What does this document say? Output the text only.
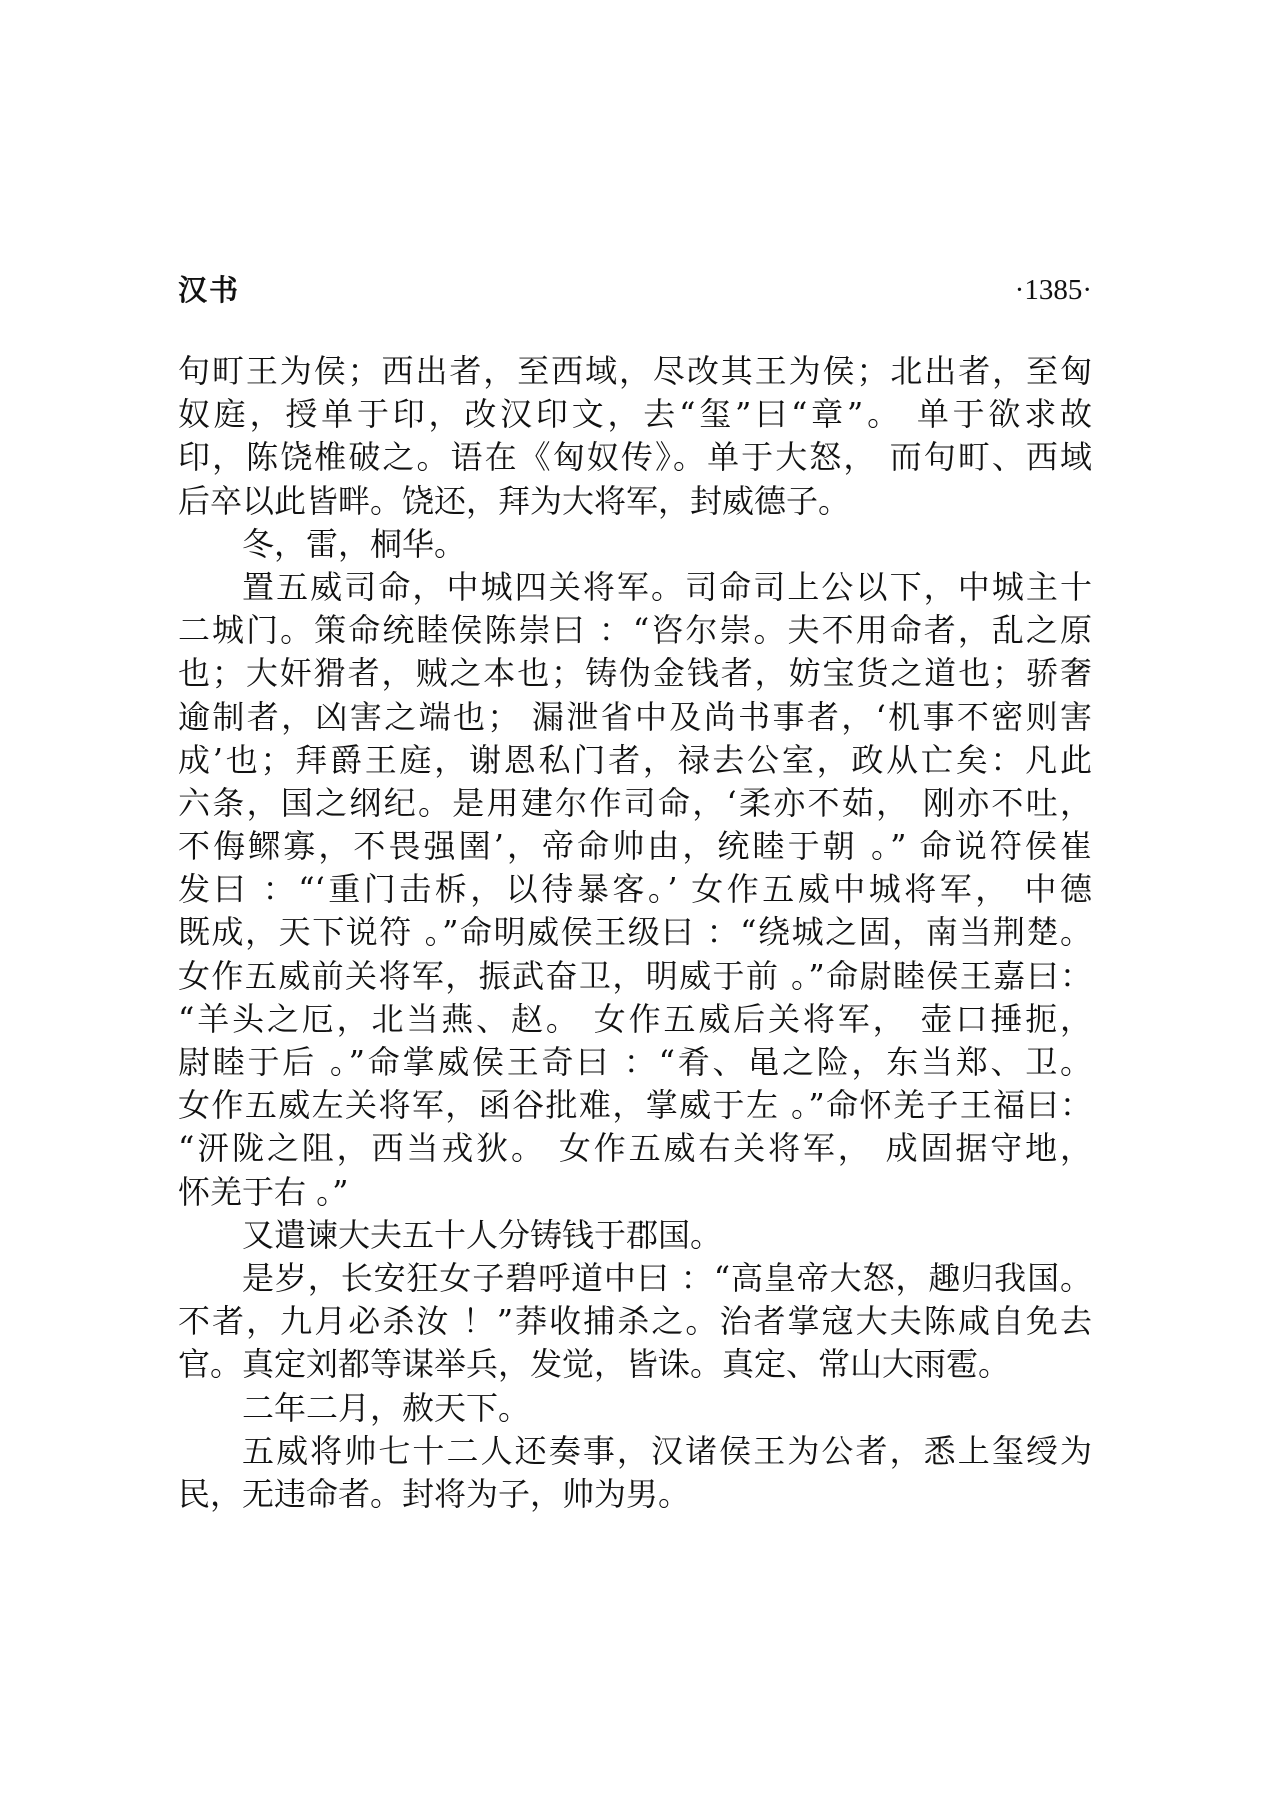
汉书	·1385·
句町王为侯；西出者，至西域，尽改其王为侯；北出者，至匈
奴庭，授单于印，改汉印文，去“玺”曰“章”。 单于欲求故
印，陈饶椎破之。语在《匈奴传》。单于大怒， 而句町、西域
后卒以此皆畔。饶还，拜为大将军，封威德子。
冬，雷，桐华。
置五威司命，中城四关将军。司命司上公以下，中城主十
二城门。策命统睦侯陈崇曰 ：“咨尔崇。夫不用命者，乱之原
也；大奸猾者，贼之本也；铸伪金钱者，妨宝货之道也；骄奢
逾制者，凶害之端也； 漏泄省中及尚书事者，‘机事不密则害
成’也；拜爵王庭，谢恩私门者，禄去公室，政从亡矣：凡此
六条，国之纲纪。是用建尔作司命，‘柔亦不茹， 刚亦不吐，
不侮鳏寡，不畏强圉’，帝命帅由，统睦于朝 。” 命说符侯崔
发曰 ：“‘重门击柝，以待暴客。’ 女作五威中城将军， 中德
既成，天下说符 。”命明威侯王级曰 ：“绕城之固，南当荆楚。
女作五威前关将军，振武奋卫，明威于前 。”命尉睦侯王嘉曰：
“羊头之厄，北当燕、赵。 女作五威后关将军， 壶口捶扼，
尉睦于后 。”命掌威侯王奇曰 ：“肴、黾之险，东当郑、卫。
女作五威左关将军，函谷批难，掌威于左 。”命怀羌子王福曰：
“汧陇之阻，西当戎狄。 女作五威右关将军， 成固据守地，
怀羌于右 。”
又遣谏大夫五十人分铸钱于郡国。
是岁，长安狂女子碧呼道中曰 ：“高皇帝大怒，趣归我国。
不者，九月必杀汝 ！”莽收捕杀之。治者掌寇大夫陈咸自免去
官。真定刘都等谋举兵，发觉，皆诛。真定、常山大雨雹。
二年二月，赦天下。
五威将帅七十二人还奏事，汉诸侯王为公者，悉上玺绶为
民，无违命者。封将为子，帅为男。
